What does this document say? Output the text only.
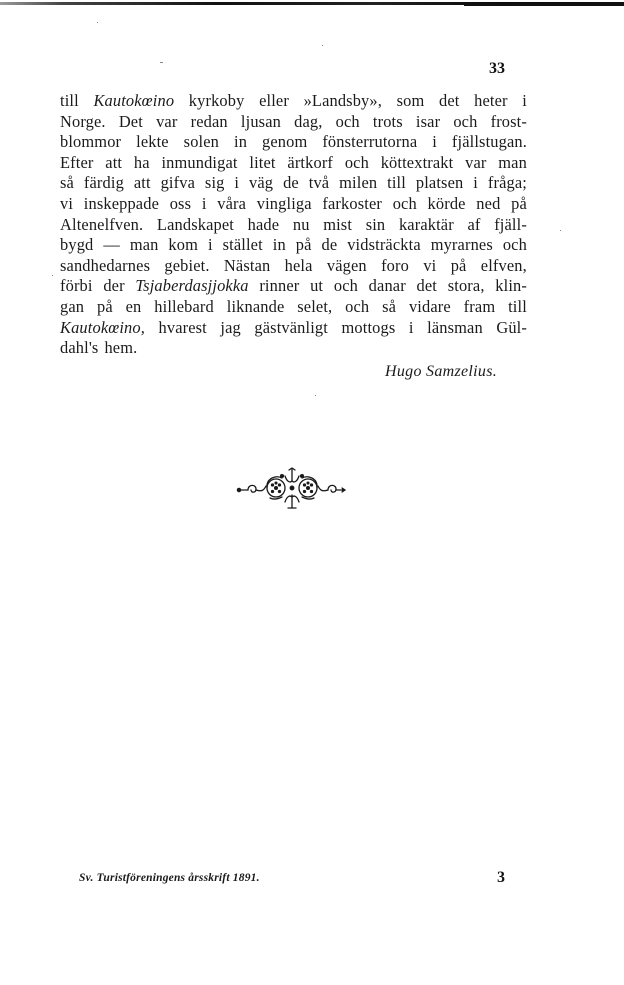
33
till Kautokœino kyrkoby eller »Landsby», som det heter i
Norge. Det var redan ljusan dag, och trots isar och frost-
blommor lekte solen in genom fönsterrutorna i fjällstugan.
Efter att ha inmundigat litet ärtkorf och köttextrakt var man
så färdig att gifva sig i väg de två milen till platsen i fråga;
vi inskeppade oss i våra vingliga farkoster och körde ned på
Altenelfven. Landskapet hade nu mist sin karaktär af fjäll-
bygd — man kom i stället in på de vidsträckta myrarnes och
sandhedarnes gebiet. Nästan hela vägen foro vi på elfven,
förbi der Tsjaberdasjjokka rinner ut och danar det stora, klin-
gan på en hillebard liknande selet, och så vidare fram till
Kautokœino, hvarest jag gästvänligt mottogs i länsman Gül-
dahl's hem.
Hugo Samzelius.
Sv. Turistföreningens årsskrift 1891.	3
